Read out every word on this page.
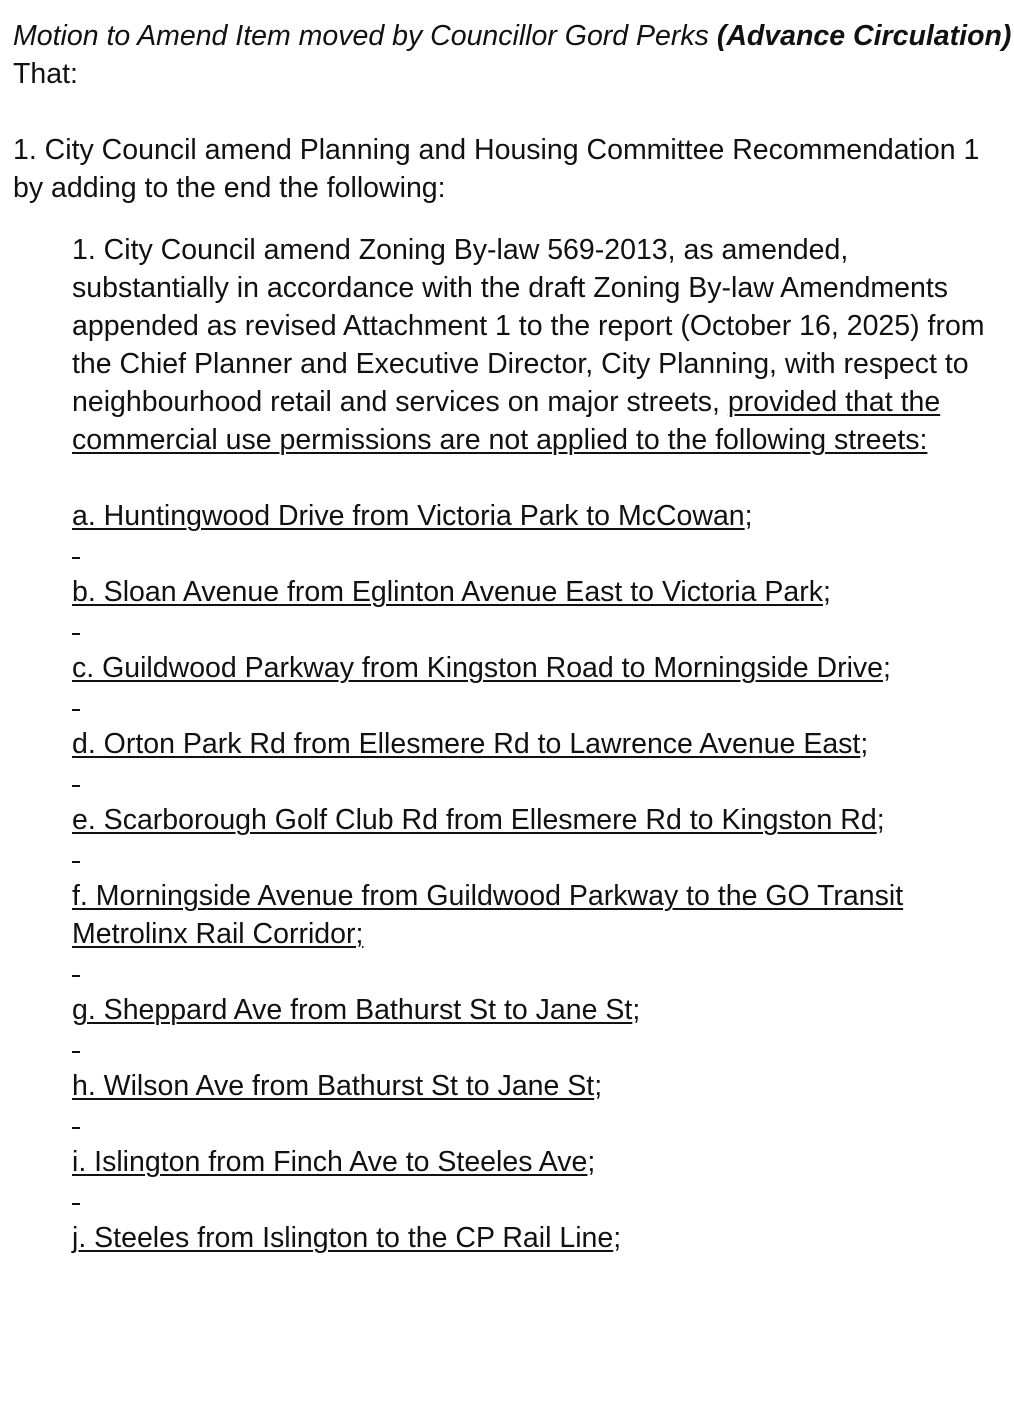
Motion to Amend Item moved by Councillor Gord Perks (Advance Circulation)

That:

1. City Council amend Planning and Housing Committee Recommendation 1 by adding to the end the following:

1. City Council amend Zoning By-law 569-2013, as amended, substantially in accordance with the draft Zoning By-law Amendments appended as revised Attachment 1 to the report (October 16, 2025) from the Chief Planner and Executive Director, City Planning, with respect to neighbourhood retail and services on major streets, provided that the commercial use permissions are not applied to the following streets:

a. Huntingwood Drive from Victoria Park to McCowan;

b. Sloan Avenue from Eglinton Avenue East to Victoria Park;

c. Guildwood Parkway from Kingston Road to Morningside Drive;

d. Orton Park Rd from Ellesmere Rd to Lawrence Avenue East;

e. Scarborough Golf Club Rd from Ellesmere Rd to Kingston Rd;

f. Morningside Avenue from Guildwood Parkway to the GO Transit Metrolinx Rail Corridor;

g. Sheppard Ave from Bathurst St to Jane St;

h. Wilson Ave from Bathurst St to Jane St;

i. Islington from Finch Ave to Steeles Ave;

j. Steeles from Islington to the CP Rail Line;
